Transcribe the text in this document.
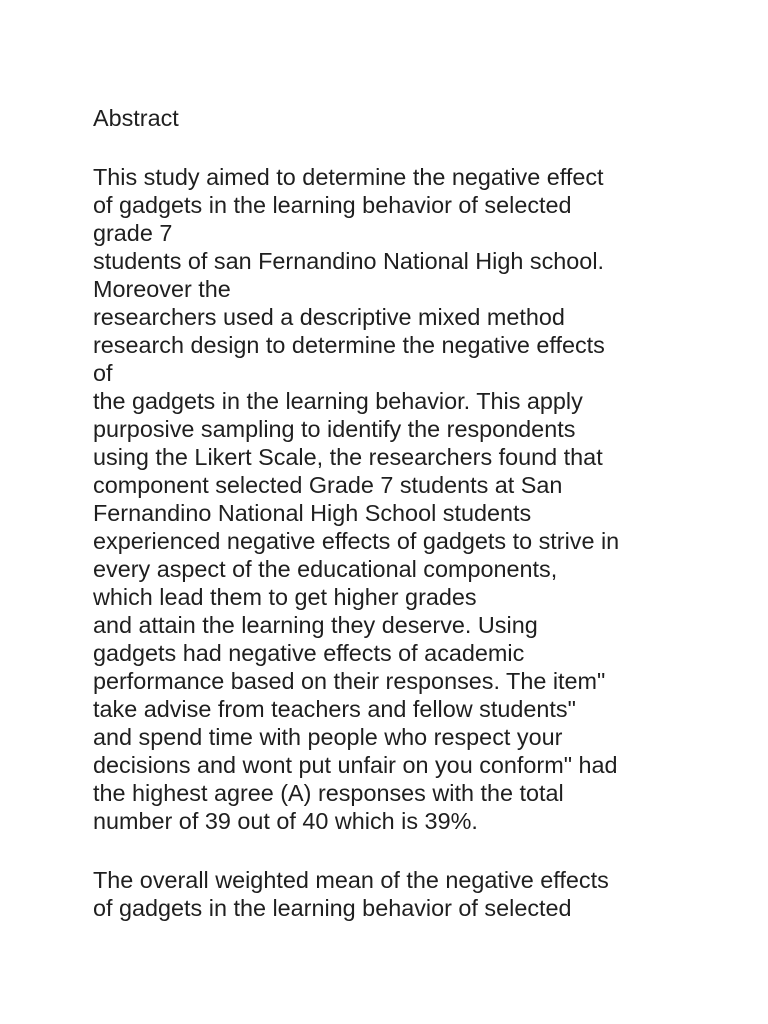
Abstract
This study aimed to determine the negative effect
of gadgets in the learning behavior of selected
grade 7
students of san Fernandino National High school.
Moreover the
researchers used a descriptive mixed method
research design to determine the negative effects
of
the gadgets in the learning behavior. This apply
purposive sampling to identify the respondents
using the Likert Scale, the researchers found that
component selected Grade 7 students at San
Fernandino National High School students
experienced negative effects of gadgets to strive in
every aspect of the educational components,
which lead them to get higher grades
and attain the learning they deserve. Using
gadgets had negative effects of academic
performance based on their responses. The item"
take advise from teachers and fellow students"
and spend time with people who respect your
decisions and wont put unfair on you conform" had
the highest agree (A) responses with the total
number of 39 out of 40 which is 39%.
The overall weighted mean of the negative effects
of gadgets in the learning behavior of selected
